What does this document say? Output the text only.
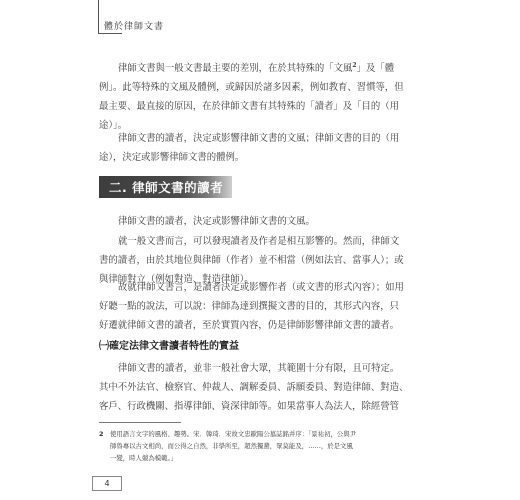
體於律師文書

律師文書與一般文書最主要的差別，在於其特殊的「文風$^2$」及「體
例」。此等特殊的文風及體例，或歸因於諸多因素，例如教育、習慣等，但
最主要、最直接的原因，在於律師文書有其特殊的「讀者」及「目的（用
途）」。

律師文書的讀者，決定或影響律師文書的文風；律師文書的目的（用
途），決定或影響律師文書的體例。

二. 律師文書的讀者

律師文書的讀者，決定或影響律師文書的文風。

就一般文書而言，可以發現讀者及作者是相互影響的。然而，律師文
書的讀者，由於其地位與律師（作者）並不相當（例如法官、當事人）；或
與律師對立（例如對造、對造律師）。

故就律師文書言，是讀者決定或影響作者（或文書的形式內容）；如用
好聽一點的說法，可以說：律師為達到撰擬文書的目的，其形式內容，只
好遷就律師文書的讀者，至於實質內容，仍是律師影響律師文書的讀者。

㈠確定法律文書讀者特性的實益

律師文書的讀者，並非一般社會大眾，其範圍十分有限，且可特定。
其中不外法官、檢察官、仲裁人、調解委員、訴願委員、對造律師、對造、
客戶、行政機關、指導律師、資深律師等。如果當事人為法人，除經營管

2	使用語言文字的風格、趣勢。宋．韓琦．宋故文忠歐陽公墓誌銘并序：「景祐初，公與尹
師魯專以古文相尚，而公得之自然，非學所至，超然獨騖，眾莫能及，……，於是文風
一變，時人競為模範。」
4
